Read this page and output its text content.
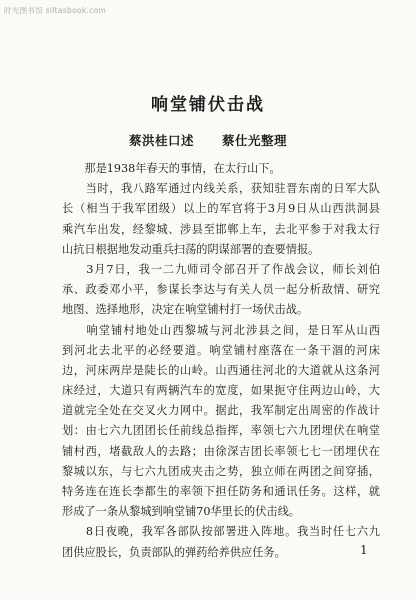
时光图书馆 siltasbook.com
响堂铺伏击战
蔡洪桂口述 蔡仕光整理
　　那是1938年春天的事情，在太行山下。
　　当时，我八路军通过内线关系，获知驻晋东南的日军大队
长（相当于我军团级）以上的军官将于3月9日从山西洪洞县
乘汽车出发，经黎城、涉县至邯郸上车，去北平参于对我太行
山抗日根据地发动重兵扫荡的阴谋部署的查要情报。
　　3月7日，我一二九师司令部召开了作战会议，师长刘伯
承、政委邓小平，参谋长李达与有关人员一起分析敌情、研究
地图、选择地形，决定在响堂铺村打一场伏击战。
　　响堂铺村地处山西黎城与河北涉县之间，是日军从山西
到河北去北平的必经要道。响堂铺村座落在一条干涸的河床
边，河床两岸是陡长的山岭。山西通往河北的大道就从这条河
床经过，大道只有两辆汽车的宽度，如果扼守住两边山岭，大
道就完全处在交叉火力网中。据此，我军制定出周密的作战计
划：由七六九团团长任前线总指挥，率领七六九团埋伏在响堂
铺村西，堵截敌人的去路；由徐深吉团长率领七七一团埋伏在
黎城以东，与七六九团成夹击之势，独立师在两团之间穿插，
特务连在连长李都生的率领下担任防务和通讯任务。这样，就
形成了一条从黎城到响堂铺70华里长的伏击线。
　　8日夜晚，我军各部队按部署进入阵地。我当时任七六九
团供应股长，负责部队的弹药给养供应任务。	1
